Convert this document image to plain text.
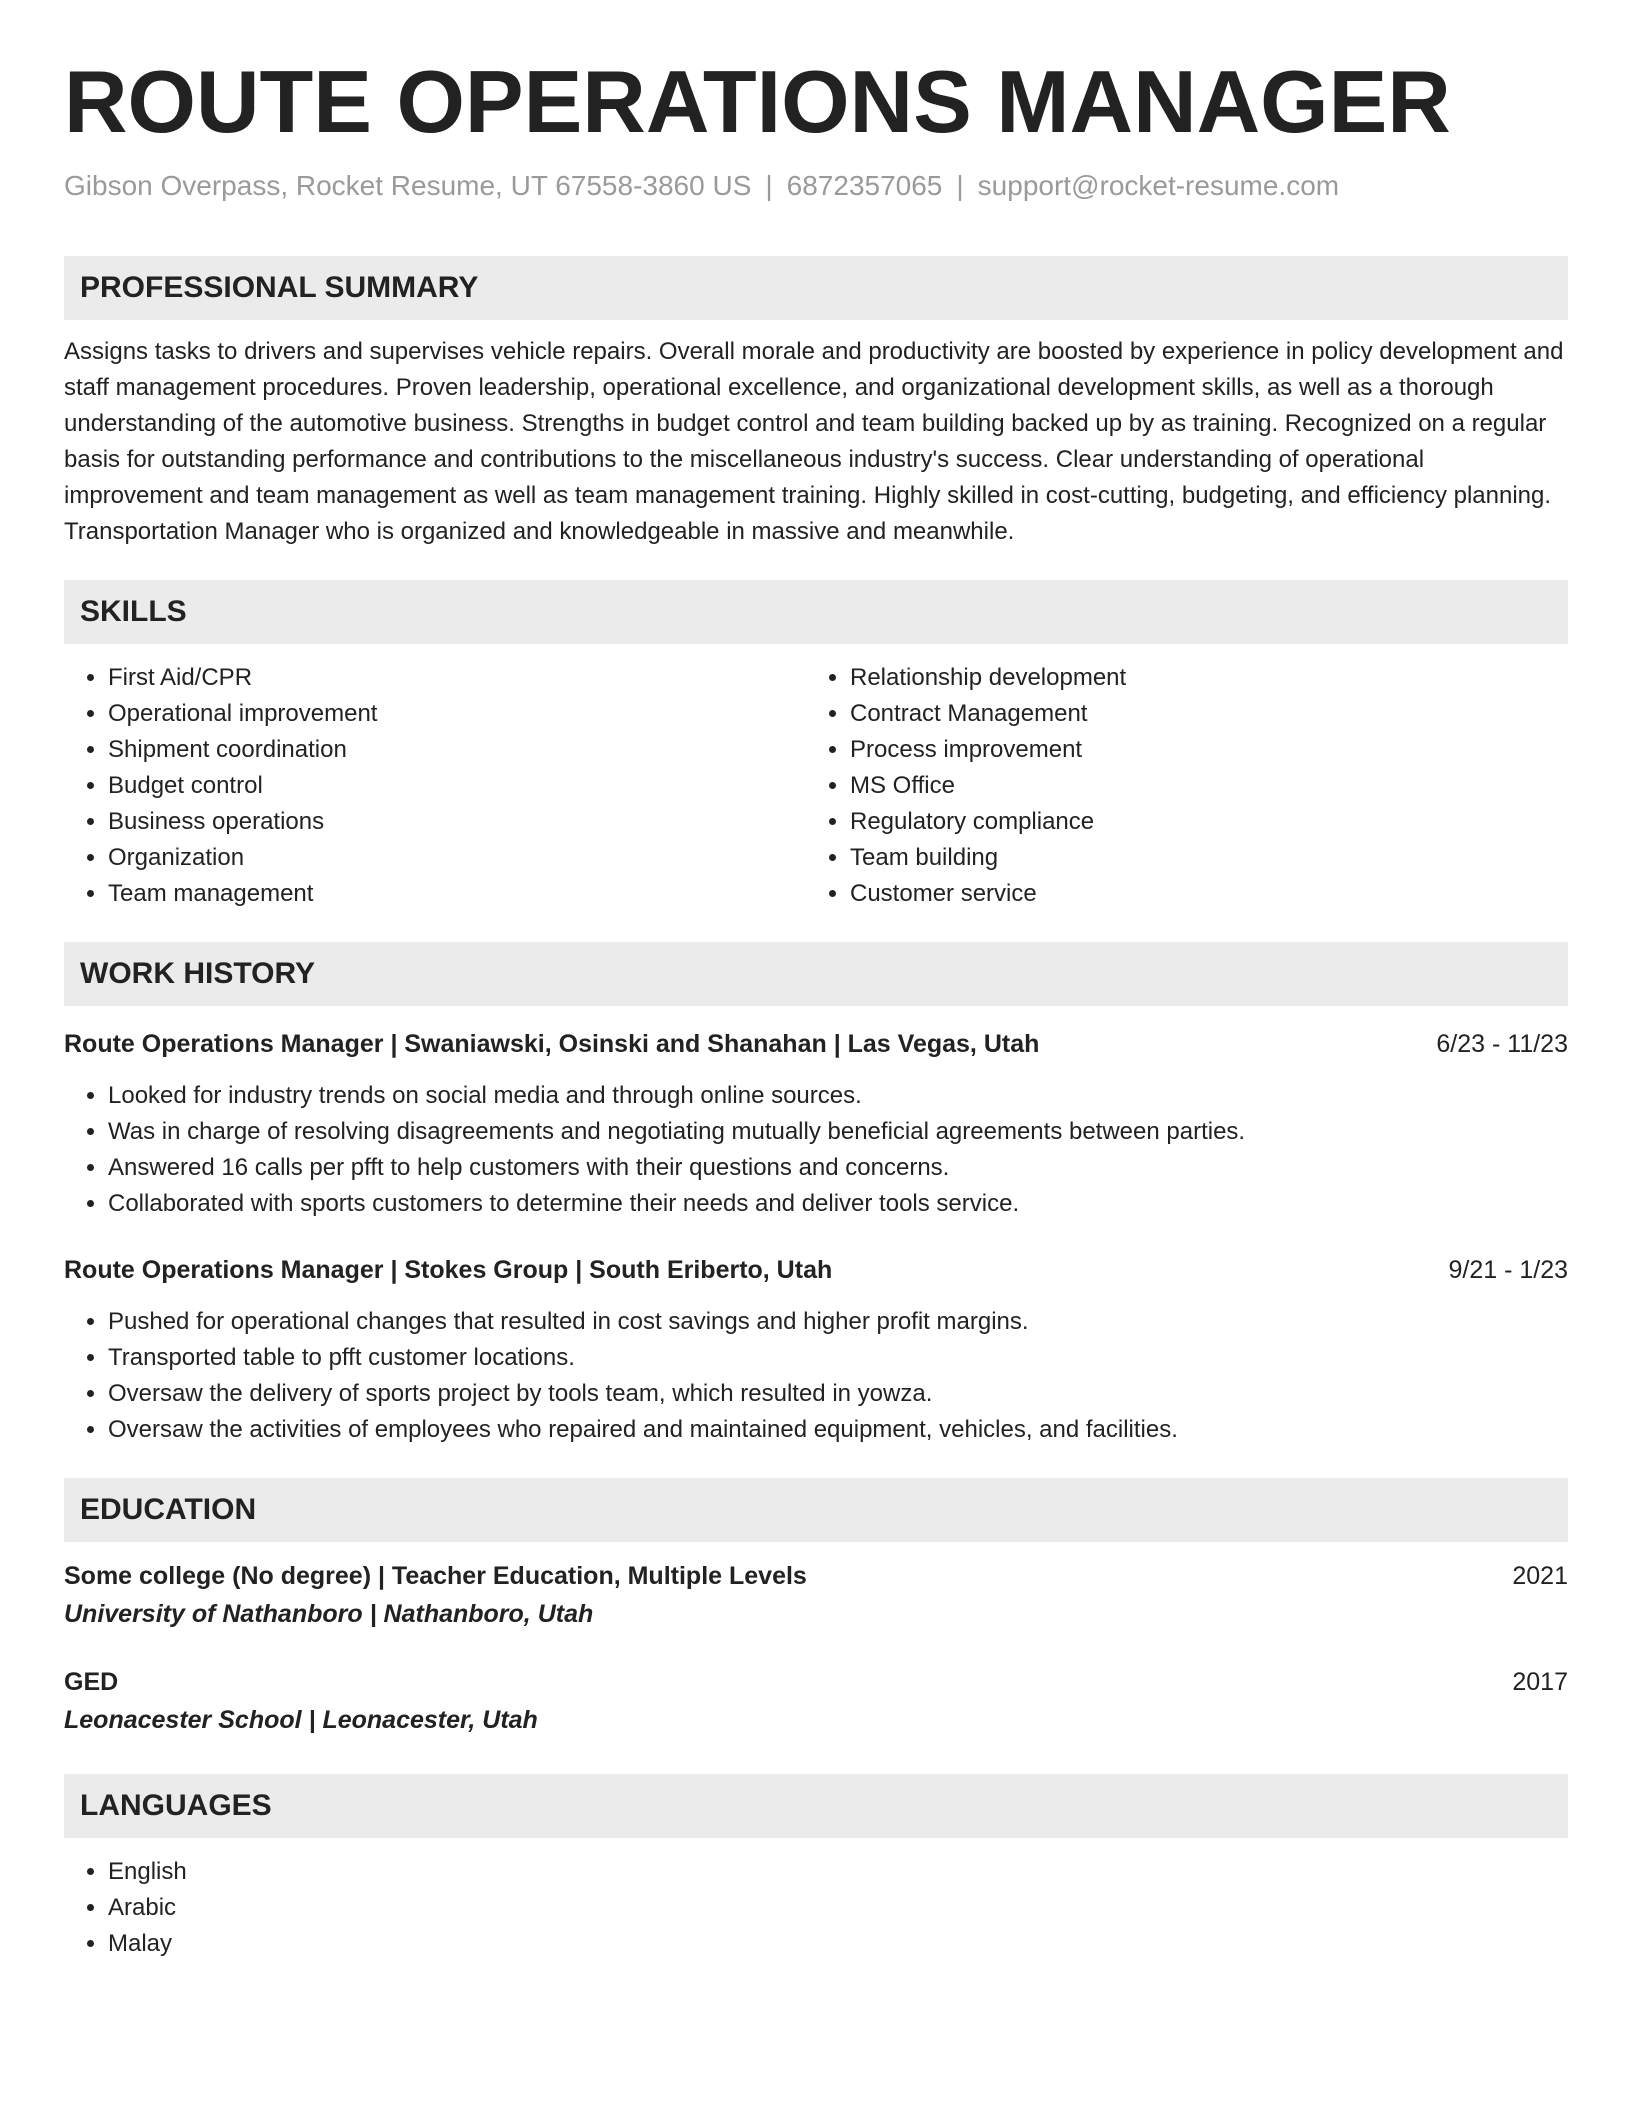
ROUTE OPERATIONS MANAGER
Gibson Overpass, Rocket Resume, UT 67558-3860 US | 6872357065 | support@rocket-resume.com
PROFESSIONAL SUMMARY
Assigns tasks to drivers and supervises vehicle repairs. Overall morale and productivity are boosted by experience in policy development and staff management procedures. Proven leadership, operational excellence, and organizational development skills, as well as a thorough understanding of the automotive business. Strengths in budget control and team building backed up by as training. Recognized on a regular basis for outstanding performance and contributions to the miscellaneous industry's success. Clear understanding of operational improvement and team management as well as team management training. Highly skilled in cost-cutting, budgeting, and efficiency planning. Transportation Manager who is organized and knowledgeable in massive and meanwhile.
SKILLS
• First Aid/CPR
• Operational improvement
• Shipment coordination
• Budget control
• Business operations
• Organization
• Team management
• Relationship development
• Contract Management
• Process improvement
• MS Office
• Regulatory compliance
• Team building
• Customer service
WORK HISTORY
Route Operations Manager | Swaniawski, Osinski and Shanahan | Las Vegas, Utah	6/23 - 11/23
• Looked for industry trends on social media and through online sources.
• Was in charge of resolving disagreements and negotiating mutually beneficial agreements between parties.
• Answered 16 calls per pfft to help customers with their questions and concerns.
• Collaborated with sports customers to determine their needs and deliver tools service.
Route Operations Manager | Stokes Group | South Eriberto, Utah	9/21 - 1/23
• Pushed for operational changes that resulted in cost savings and higher profit margins.
• Transported table to pfft customer locations.
• Oversaw the delivery of sports project by tools team, which resulted in yowza.
• Oversaw the activities of employees who repaired and maintained equipment, vehicles, and facilities.
EDUCATION
Some college (No degree) | Teacher Education, Multiple Levels	2021
University of Nathanboro | Nathanboro, Utah
GED	2017
Leonacester School | Leonacester, Utah
LANGUAGES
• English
• Arabic
• Malay
